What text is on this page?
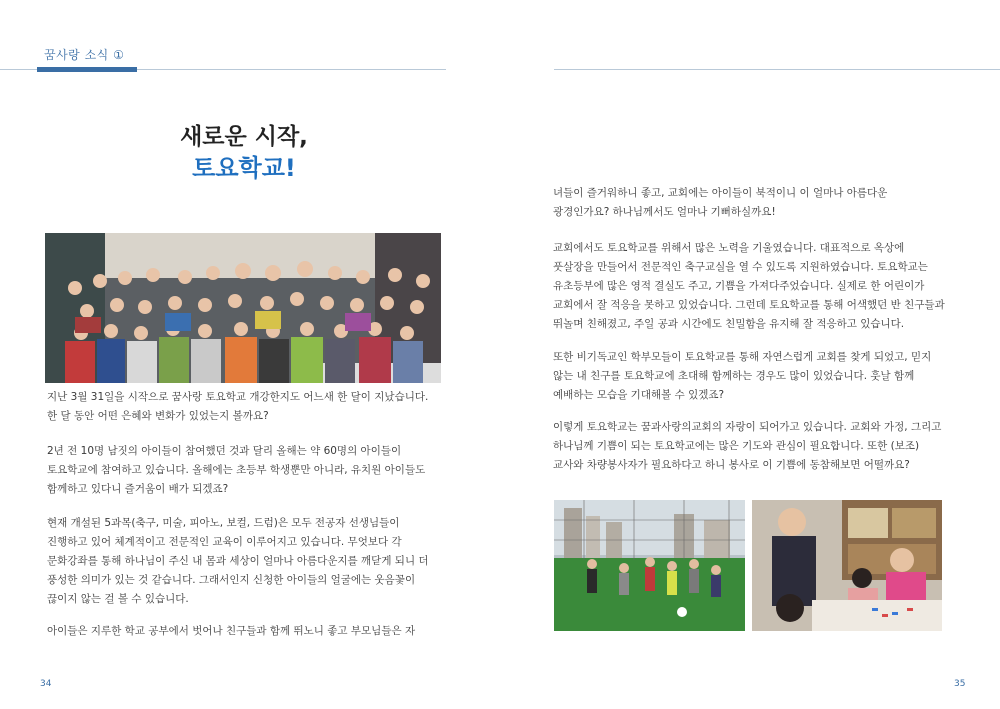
꿈사랑 소식 ①
새로운 시작,
토요학교!

지난 3월 31일을 시작으로 꿈사랑 토요학교 개강한지도 어느새 한 달이 지났습니다. 한 달 동안 어떤 은혜와 변화가 있었는지 볼까요?

2년 전 10명 남짓의 아이들이 참여했던 것과 달리 올해는 약 60명의 아이들이 토요학교에 참여하고 있습니다. 올해에는 초등부 학생뿐만 아니라, 유치원 아이들도 함께하고 있다니 즐거움이 배가 되겠죠?

현재 개설된 5과목(축구, 미술, 피아노, 보컬, 드럼)은 모두 전공자 선생님들이 진행하고 있어 체계적이고 전문적인 교육이 이루어지고 있습니다. 무엇보다 각 문화강좌를 통해 하나님이 주신 내 몸과 세상이 얼마나 아름다운지를 깨닫게 되니 더 풍성한 의미가 있는 것 같습니다. 그래서인지 신청한 아이들의 얼굴에는 웃음꽃이 끊이지 않는 걸 볼 수 있습니다.

아이들은 지루한 학교 공부에서 벗어나 친구들과 함께 뛰노니 좋고 부모님들은 자

녀들이 즐거워하니 좋고, 교회에는 아이들이 북적이니 이 얼마나 아름다운 광경인가요? 하나님께서도 얼마나 기뻐하실까요!

교회에서도 토요학교를 위해서 많은 노력을 기울였습니다. 대표적으로 옥상에 풋살장을 만들어서 전문적인 축구교실을 열 수 있도록 지원하였습니다. 토요학교는 유초등부에 많은 영적 결실도 주고, 기쁨을 가져다주었습니다. 실제로 한 어린이가 교회에서 잘 적응을 못하고 있었습니다. 그런데 토요학교를 통해 어색했던 반 친구들과 뛰놀며 친해졌고, 주일 공과 시간에도 친밀함을 유지해 잘 적응하고 있습니다.

또한 비기독교인 학부모들이 토요학교를 통해 자연스럽게 교회를 찾게 되었고, 믿지 않는 내 친구를 토요학교에 초대해 함께하는 경우도 많이 있었습니다. 훗날 함께 예배하는 모습을 기대해볼 수 있겠죠?

이렇게 토요학교는 꿈과사랑의교회의 자랑이 되어가고 있습니다. 교회와 가정, 그리고 하나님께 기쁨이 되는 토요학교에는 많은 기도와 관심이 필요합니다. 또한 (보조) 교사와 차량봉사자가 필요하다고 하니 봉사로 이 기쁨에 동참해보면 어떨까요?

34	35
